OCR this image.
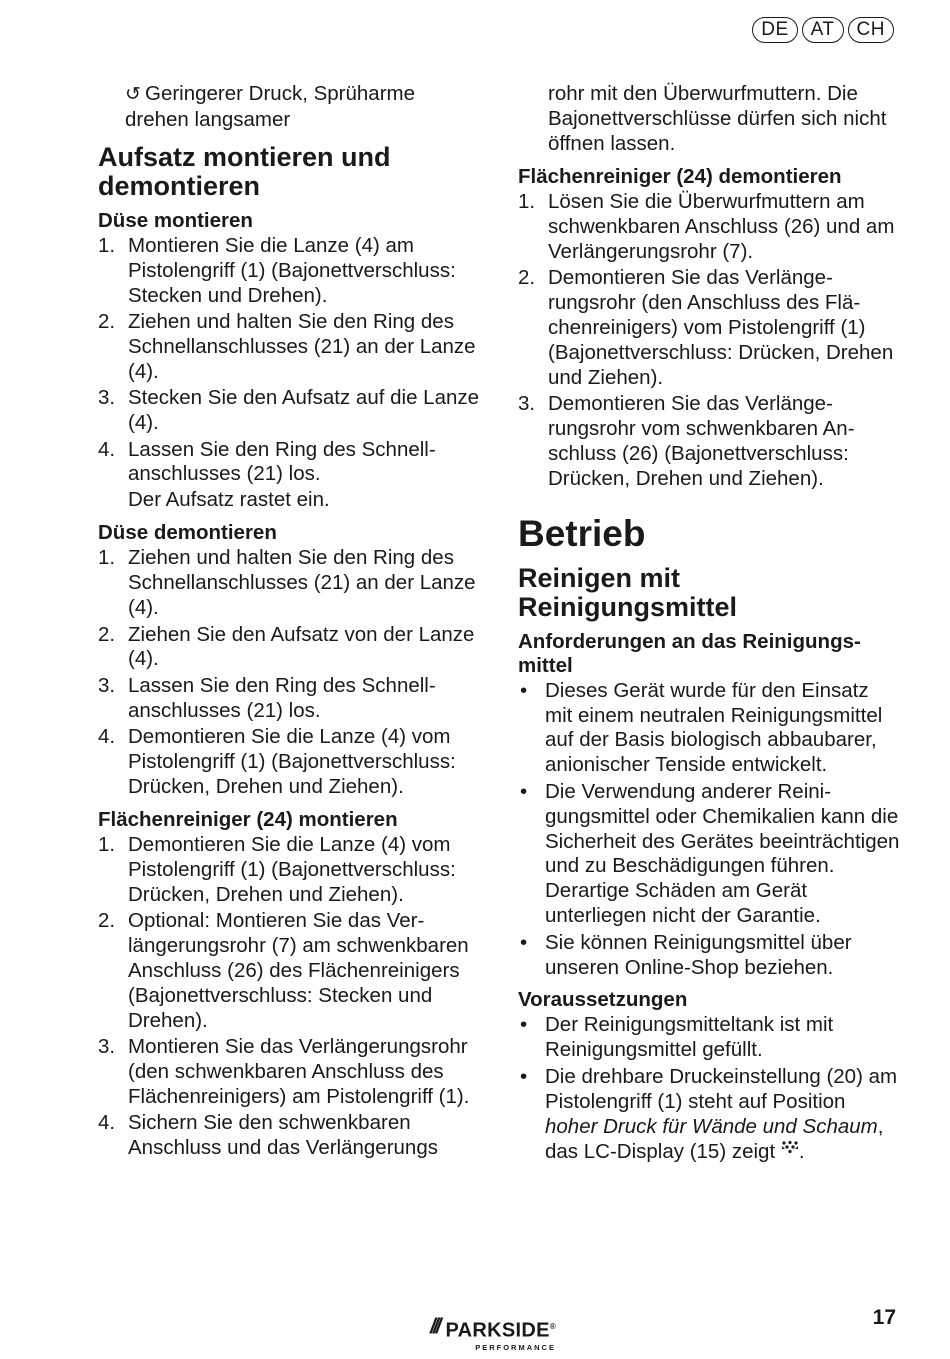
DE	AT	CH
↺ Geringerer Druck, Sprüharme drehen langsamer
Aufsatz montieren und demontieren
Düse montieren
1. Montieren Sie die Lanze (4) am Pistolengriff (1) (Bajonettverschluss: Stecken und Drehen).
2. Ziehen und halten Sie den Ring des Schnellanschlusses (21) an der Lanze (4).
3. Stecken Sie den Aufsatz auf die Lanze (4).
4. Lassen Sie den Ring des Schnellanschlusses (21) los.
Der Aufsatz rastet ein.
Düse demontieren
1. Ziehen und halten Sie den Ring des Schnellanschlusses (21) an der Lanze (4).
2. Ziehen Sie den Aufsatz von der Lanze (4).
3. Lassen Sie den Ring des Schnellanschlusses (21) los.
4. Demontieren Sie die Lanze (4) vom Pistolengriff (1) (Bajonettverschluss: Drücken, Drehen und Ziehen).
Flächenreiniger (24) montieren
1. Demontieren Sie die Lanze (4) vom Pistolengriff (1) (Bajonettverschluss: Drücken, Drehen und Ziehen).
2. Optional: Montieren Sie das Verlängerungsrohr (7) am schwenkbaren Anschluss (26) des Flächenreinigers (Bajonettverschluss: Stecken und Drehen).
3. Montieren Sie das Verlängerungsrohr (den schwenkbaren Anschluss des Flächenreinigers) am Pistolengriff (1).
4. Sichern Sie den schwenkbaren Anschluss und das Verlängerungs
rohr mit den Überwurfmuttern. Die Bajonettverschlüsse dürfen sich nicht öffnen lassen.
Flächenreiniger (24) demontieren
1. Lösen Sie die Überwurfmuttern am schwenkbaren Anschluss (26) und am Verlängerungsrohr (7).
2. Demontieren Sie das Verlängerungsrohr (den Anschluss des Flächenreinigers) vom Pistolengriff (1) (Bajonettverschluss: Drücken, Drehen und Ziehen).
3. Demontieren Sie das Verlängerungsrohr vom schwenkbaren Anschluss (26) (Bajonettverschluss: Drücken, Drehen und Ziehen).
Betrieb
Reinigen mit Reinigungsmittel
Anforderungen an das Reinigungsmittel
• Dieses Gerät wurde für den Einsatz mit einem neutralen Reinigungsmittel auf der Basis biologisch abbaubarer, anionischer Tenside entwickelt.
• Die Verwendung anderer Reinigungsmittel oder Chemikalien kann die Sicherheit des Gerätes beeinträchtigen und zu Beschädigungen führen. Derartige Schäden am Gerät unterliegen nicht der Garantie.
• Sie können Reinigungsmittel über unseren Online-Shop beziehen.
Voraussetzungen
• Der Reinigungsmitteltank ist mit Reinigungsmittel gefüllt.
• Die drehbare Druckeinstellung (20) am Pistolengriff (1) steht auf Position hoher Druck für Wände und Schaum, das LC-Display (15) zeigt .
/// PARKSIDE®
PERFORMANCE
17
